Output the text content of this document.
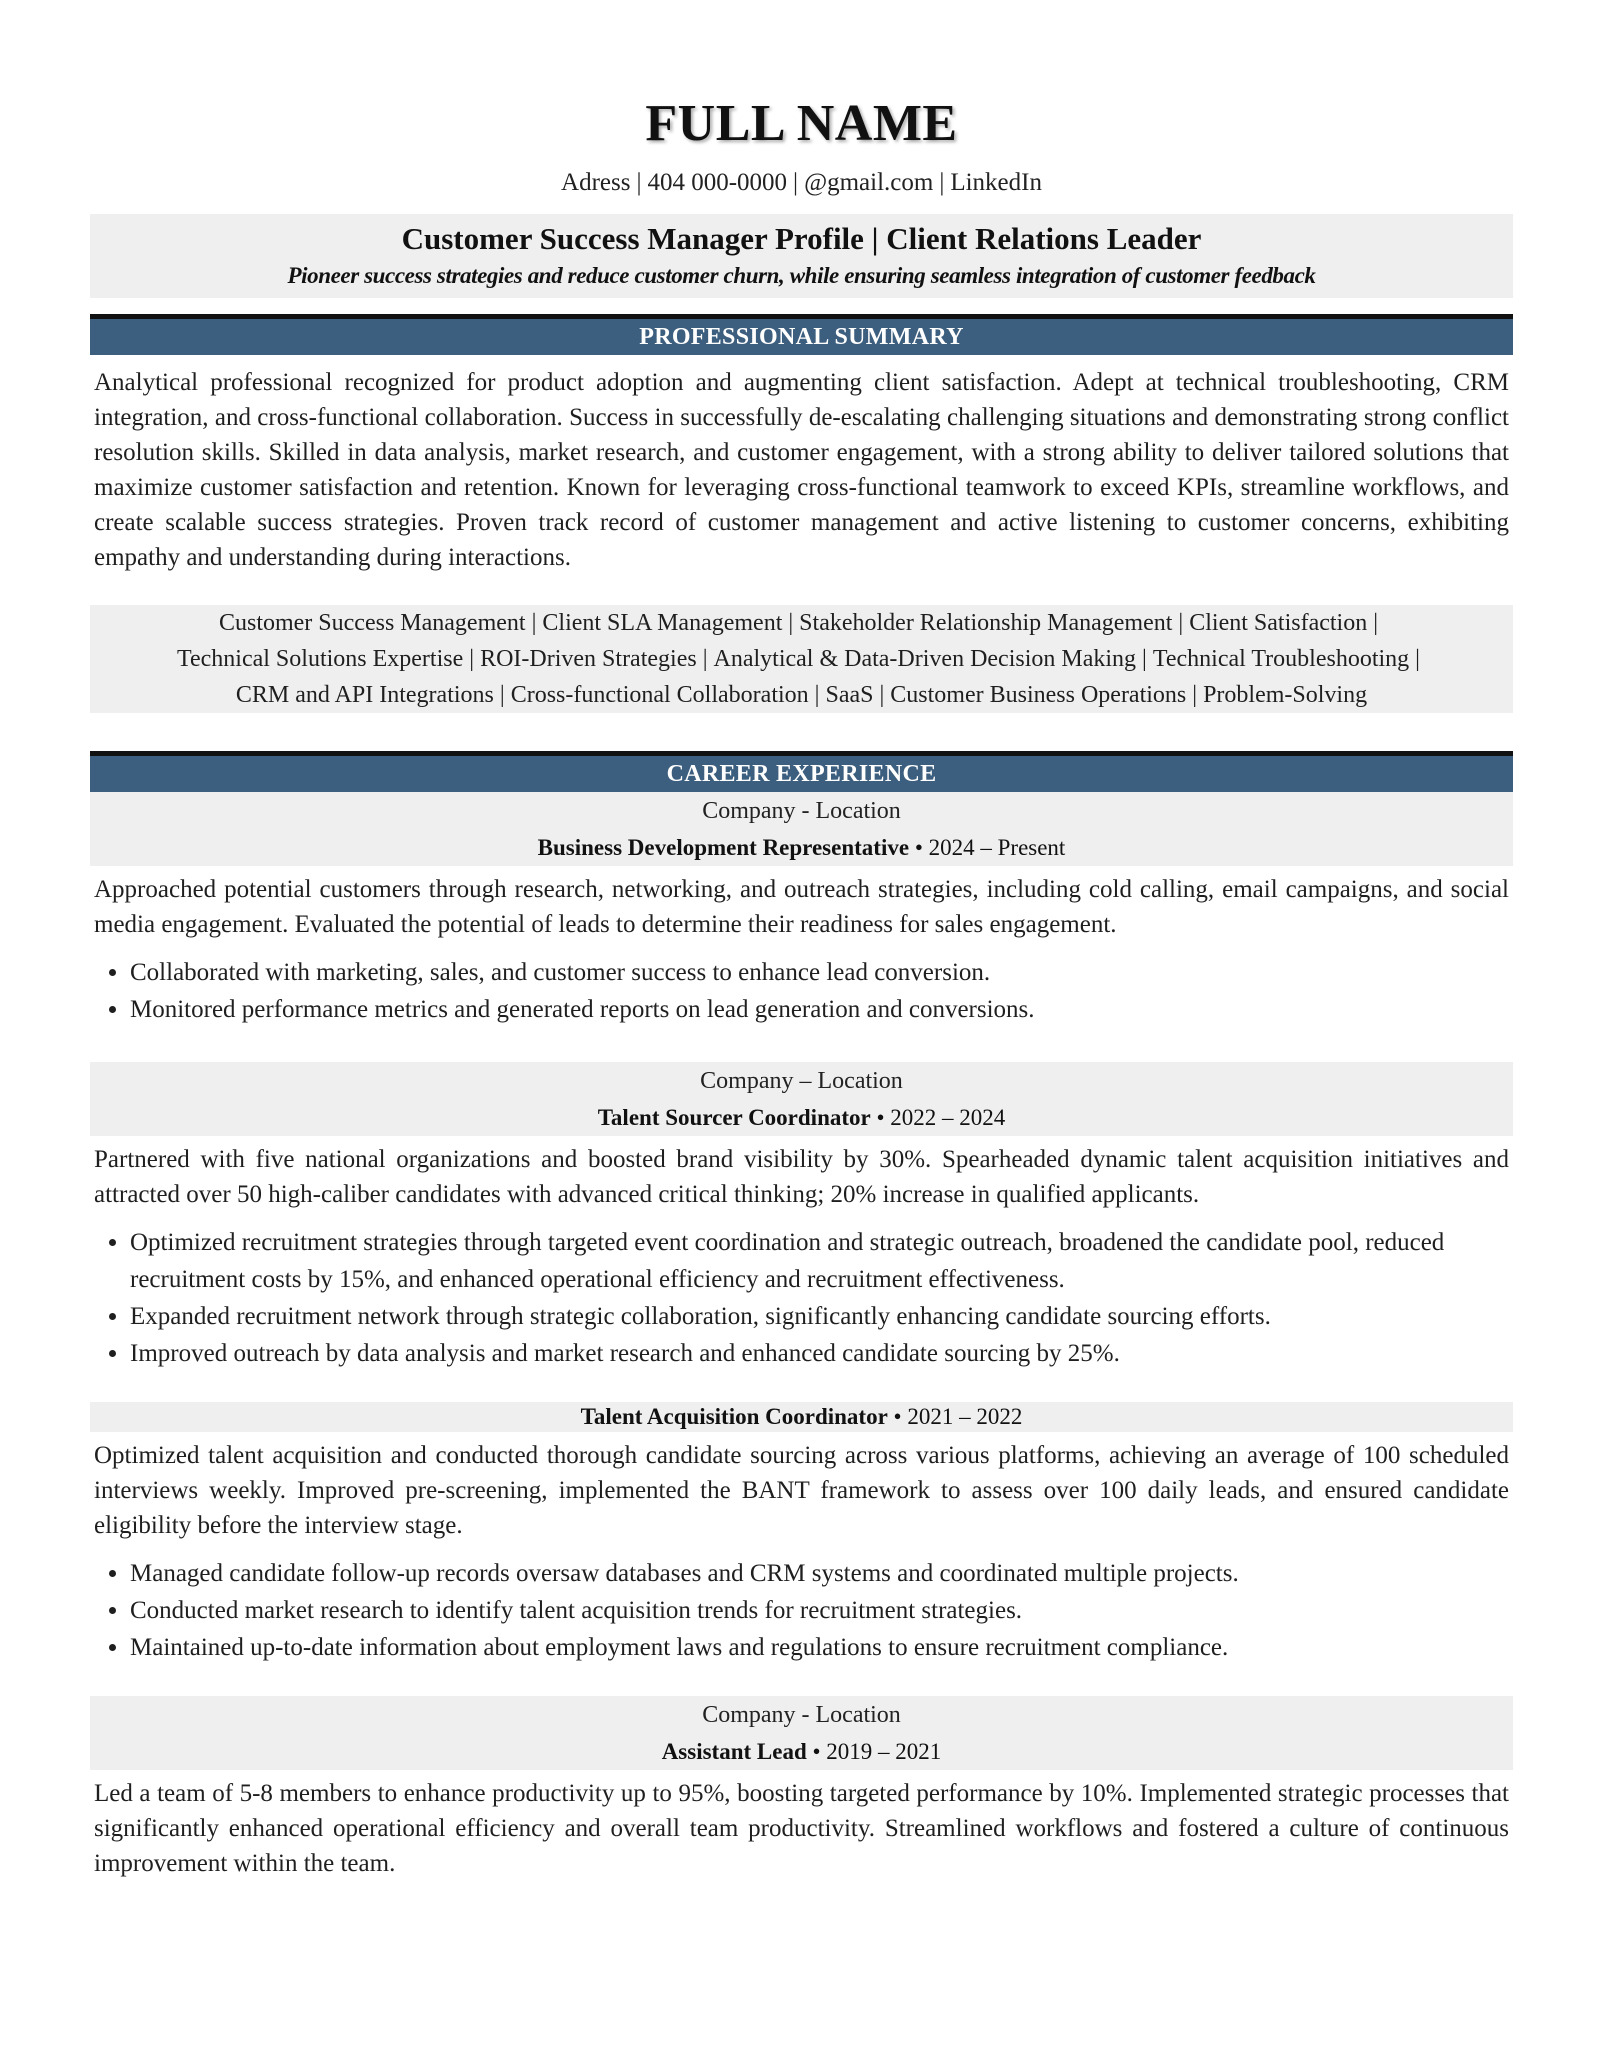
FULL NAME
Adress | 404 000-0000 | @gmail.com | LinkedIn
Customer Success Manager Profile | Client Relations Leader
Pioneer success strategies and reduce customer churn, while ensuring seamless integration of customer feedback
PROFESSIONAL SUMMARY

Analytical professional recognized for product adoption and augmenting client satisfaction. Adept at technical troubleshooting, CRM integration, and cross-functional collaboration. Success in successfully de-escalating challenging situations and demonstrating strong conflict resolution skills. Skilled in data analysis, market research, and customer engagement, with a strong ability to deliver tailored solutions that maximize customer satisfaction and retention. Known for leveraging cross-functional teamwork to exceed KPIs, streamline workflows, and create scalable success strategies. Proven track record of customer management and active listening to customer concerns, exhibiting empathy and understanding during interactions.

Customer Success Management | Client SLA Management | Stakeholder Relationship Management | Client Satisfaction |
Technical Solutions Expertise | ROI-Driven Strategies | Analytical & Data-Driven Decision Making | Technical Troubleshooting |
CRM and API Integrations | Cross-functional Collaboration | SaaS | Customer Business Operations | Problem-Solving
CAREER EXPERIENCE
Company - Location
Business Development Representative • 2024 – Present

Approached potential customers through research, networking, and outreach strategies, including cold calling, email campaigns, and social media engagement. Evaluated the potential of leads to determine their readiness for sales engagement.

• Collaborated with marketing, sales, and customer success to enhance lead conversion.
• Monitored performance metrics and generated reports on lead generation and conversions.
Company – Location
Talent Sourcer Coordinator • 2022 – 2024

Partnered with five national organizations and boosted brand visibility by 30%. Spearheaded dynamic talent acquisition initiatives and attracted over 50 high-caliber candidates with advanced critical thinking; 20% increase in qualified applicants.

• Optimized recruitment strategies through targeted event coordination and strategic outreach, broadened the candidate pool, reduced recruitment costs by 15%, and enhanced operational efficiency and recruitment effectiveness.
• Expanded recruitment network through strategic collaboration, significantly enhancing candidate sourcing efforts.
• Improved outreach by data analysis and market research and enhanced candidate sourcing by 25%.
Talent Acquisition Coordinator • 2021 – 2022

Optimized talent acquisition and conducted thorough candidate sourcing across various platforms, achieving an average of 100 scheduled interviews weekly. Improved pre-screening, implemented the BANT framework to assess over 100 daily leads, and ensured candidate eligibility before the interview stage.

• Managed candidate follow-up records oversaw databases and CRM systems and coordinated multiple projects.
• Conducted market research to identify talent acquisition trends for recruitment strategies.
• Maintained up-to-date information about employment laws and regulations to ensure recruitment compliance.
Company - Location
Assistant Lead • 2019 – 2021

Led a team of 5-8 members to enhance productivity up to 95%, boosting targeted performance by 10%. Implemented strategic processes that significantly enhanced operational efficiency and overall team productivity. Streamlined workflows and fostered a culture of continuous improvement within the team.
